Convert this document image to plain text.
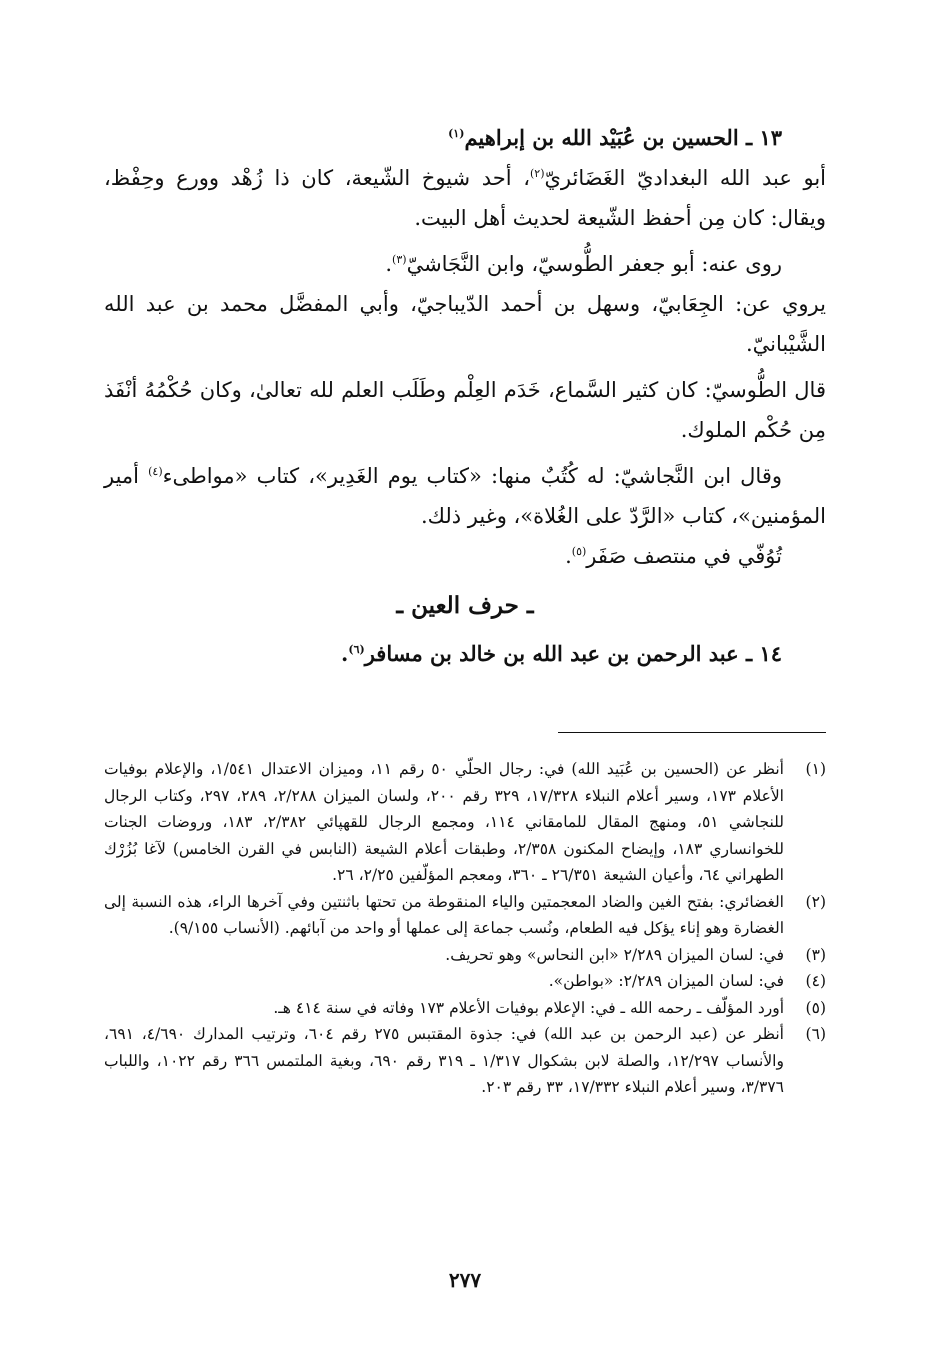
١٣ ـ الحسين بن عُبَيْد الله بن إبراهيم$^{(١)}$

أبو عبد الله البغداديّ الغَضَائريّ$^{(٢)}$، أحد شيوخ الشّيعة، كان ذا زُهْد وورع وحِفْظ، ويقال: كان مِن أحفظ الشّيعة لحديث أهل البيت.

روى عنه: أبو جعفر الطُّوسيّ، وابن النَّجَاشيّ$^{(٣)}$.

يروي عن: الجِعَابيّ، وسهل بن أحمد الدّيباجيّ، وأبي المفضَّل محمد بن عبد الله الشَّيْبانيّ.

قال الطُّوسيّ: كان كثير السَّماع، خَدَم العِلْم وطَلَب العلم لله تعالىٰ، وكان حُكْمُهُ أنْفَذ مِن حُكْم الملوك.

وقال ابن النَّجاشيّ: له كُتُبٌ منها: «كتاب يوم الغَدِير»، كتاب «مواطىء$^{(٤)}$ أمير المؤمنين»، كتاب «الرَّدّ على الغُلاة»، وغير ذلك.

تُوُفّي في منتصف صَفَر$^{(٥)}$.

ـ حرف العين ـ

١٤ ـ عبد الرحمن بن عبد الله بن خالد بن مسافر$^{(٦)}$.

(١)
أنظر عن (الحسين بن عُبَيد الله) في: رجال الحلّي ٥٠ رقم ١١، وميزان الاعتدال ١/٥٤١، والإعلام بوفيات الأعلام ١٧٣، وسير أعلام النبلاء ١٧/٣٢٨، ٣٢٩ رقم ٢٠٠، ولسان الميزان ٢/٢٨٨، ٢٨٩، ٢٩٧، وكتاب الرجال للنجاشي ٥١، ومنهج المقال للمامقاني ١١٤، ومجمع الرجال للقهپائي ٢/٣٨٢، ١٨٣، وروضات الجنات للخوانساري ١٨٣، وإيضاح المكنون ٢/٣٥٨، وطبقات أعلام الشيعة (النابس في القرن الخامس) لآغا بُزُرْك الطهراني ٦٤، وأعيان الشيعة ٢٦/٣٥١ ـ ٣٦٠، ومعجم المؤلّفين ٢/٢٥، ٢٦.
(٢)
الغضائري: بفتح الغين والضاد المعجمتين والياء المنقوطة من تحتها باثنتين وفي آخرها الراء، هذه النسبة إلى الغضارة وهو إناء يؤكل فيه الطعام، ونُسب جماعة إلى عملها أو واحد من آبائهم. (الأنساب ٩/١٥٥).
(٣)
في: لسان الميزان ٢/٢٨٩ «ابن النحاس» وهو تحريف.
(٤)
في: لسان الميزان ٢/٢٨٩: «بواطن».
(٥)
أورد المؤلّف ـ رحمه الله ـ في: الإعلام بوفيات الأعلام ١٧٣ وفاته في سنة ٤١٤ هـ.
(٦)
أنظر عن (عبد الرحمن بن عبد الله) في: جذوة المقتبس ٢٧٥ رقم ٦٠٤، وترتيب المدارك ٤/٦٩٠، ٦٩١، والأنساب ١٢/٢٩٧، والصلة لابن بشكوال ١/٣١٧ ـ ٣١٩ رقم ٦٩٠، وبغية الملتمس ٣٦٦ رقم ١٠٢٢، واللباب ٣/٣٧٦، وسير أعلام النبلاء ١٧/٣٣٢، ٣٣ رقم ٢٠٣.
٢٧٧
